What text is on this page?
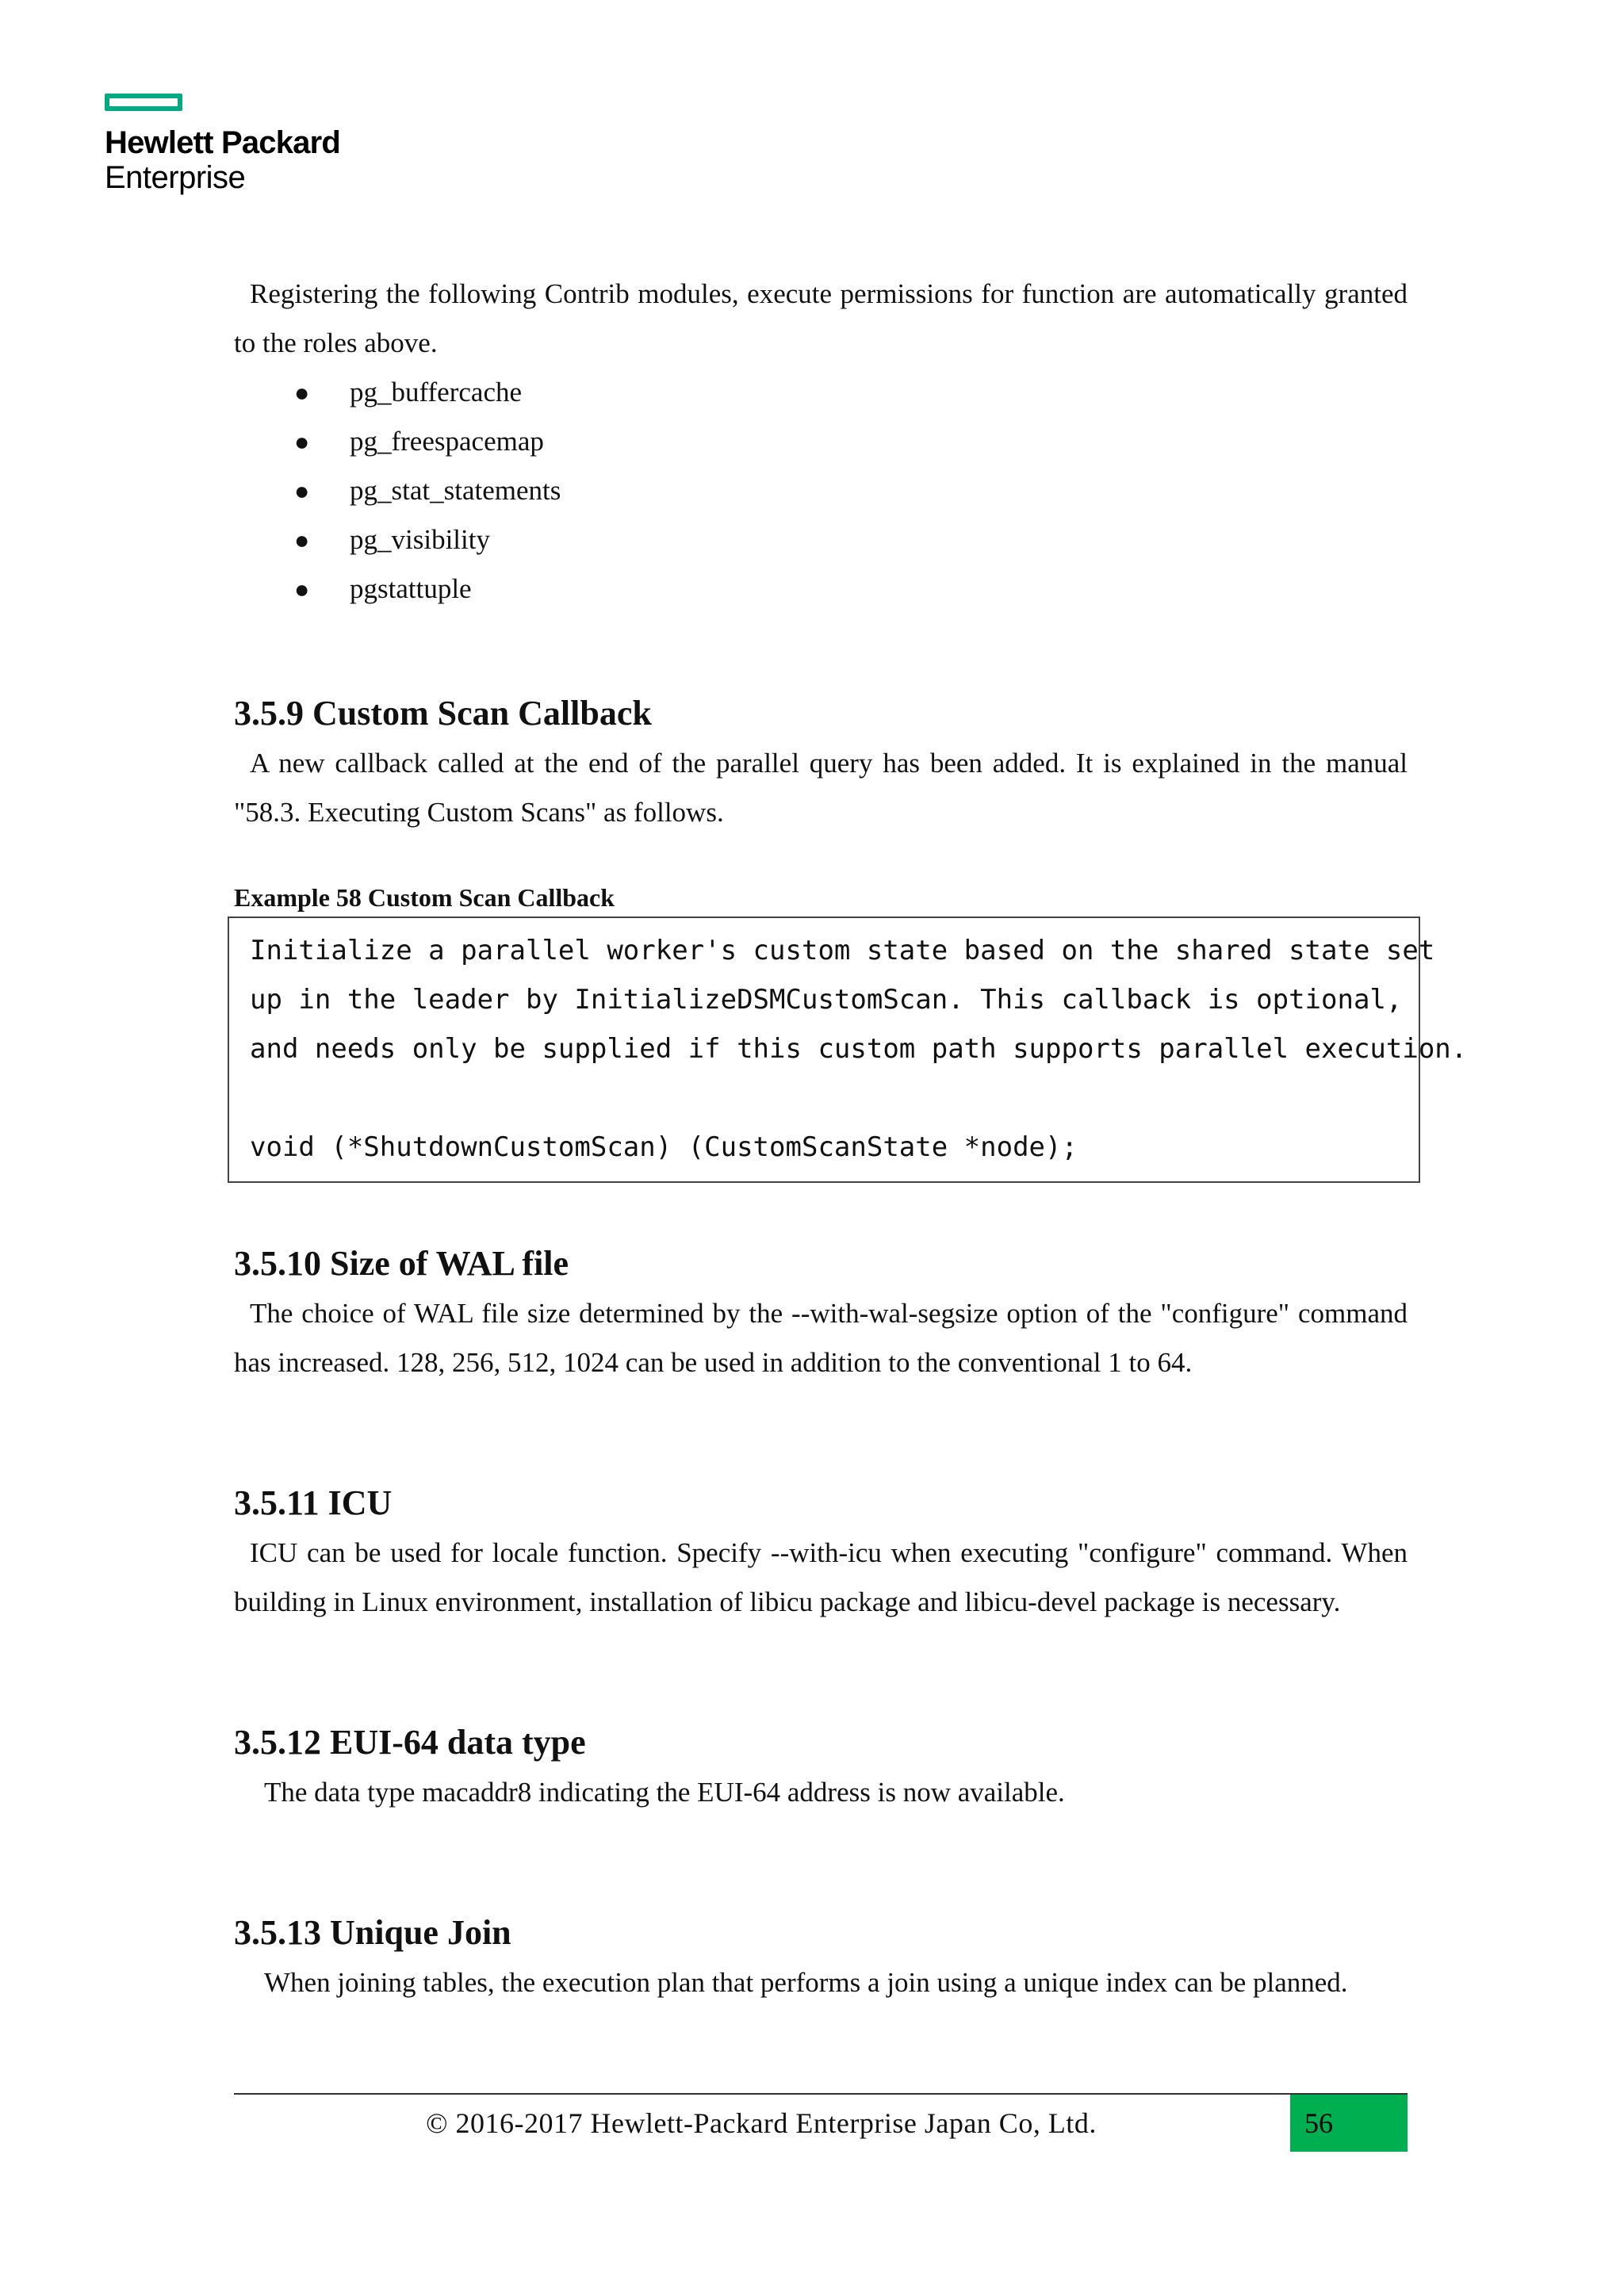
Hewlett Packard
Enterprise

Registering the following Contrib modules, execute permissions for function are automatically granted to the roles above.

● pg_buffercache
● pg_freespacemap
● pg_stat_statements
● pg_visibility
● pgstattuple
3.5.9 Custom Scan Callback

A new callback called at the end of the parallel query has been added. It is explained in the manual "58.3. Executing Custom Scans" as follows.

Example 58 Custom Scan Callback

Initialize a parallel worker's custom state based on the shared state set
up in the leader by InitializeDSMCustomScan. This callback is optional,
and needs only be supplied if this custom path supports parallel execution.
void (*ShutdownCustomScan) (CustomScanState *node);
3.5.10 Size of WAL file

The choice of WAL file size determined by the --with-wal-segsize option of the "configure" command has increased. 128, 256, 512, 1024 can be used in addition to the conventional 1 to 64.

3.5.11 ICU

ICU can be used for locale function. Specify --with-icu when executing "configure" command. When building in Linux environment, installation of libicu package and libicu-devel package is necessary.

3.5.12 EUI-64 data type

The data type macaddr8 indicating the EUI-64 address is now available.

3.5.13 Unique Join

When joining tables, the execution plan that performs a join using a unique index can be planned.

© 2016-2017 Hewlett-Packard Enterprise Japan Co, Ltd.	56
